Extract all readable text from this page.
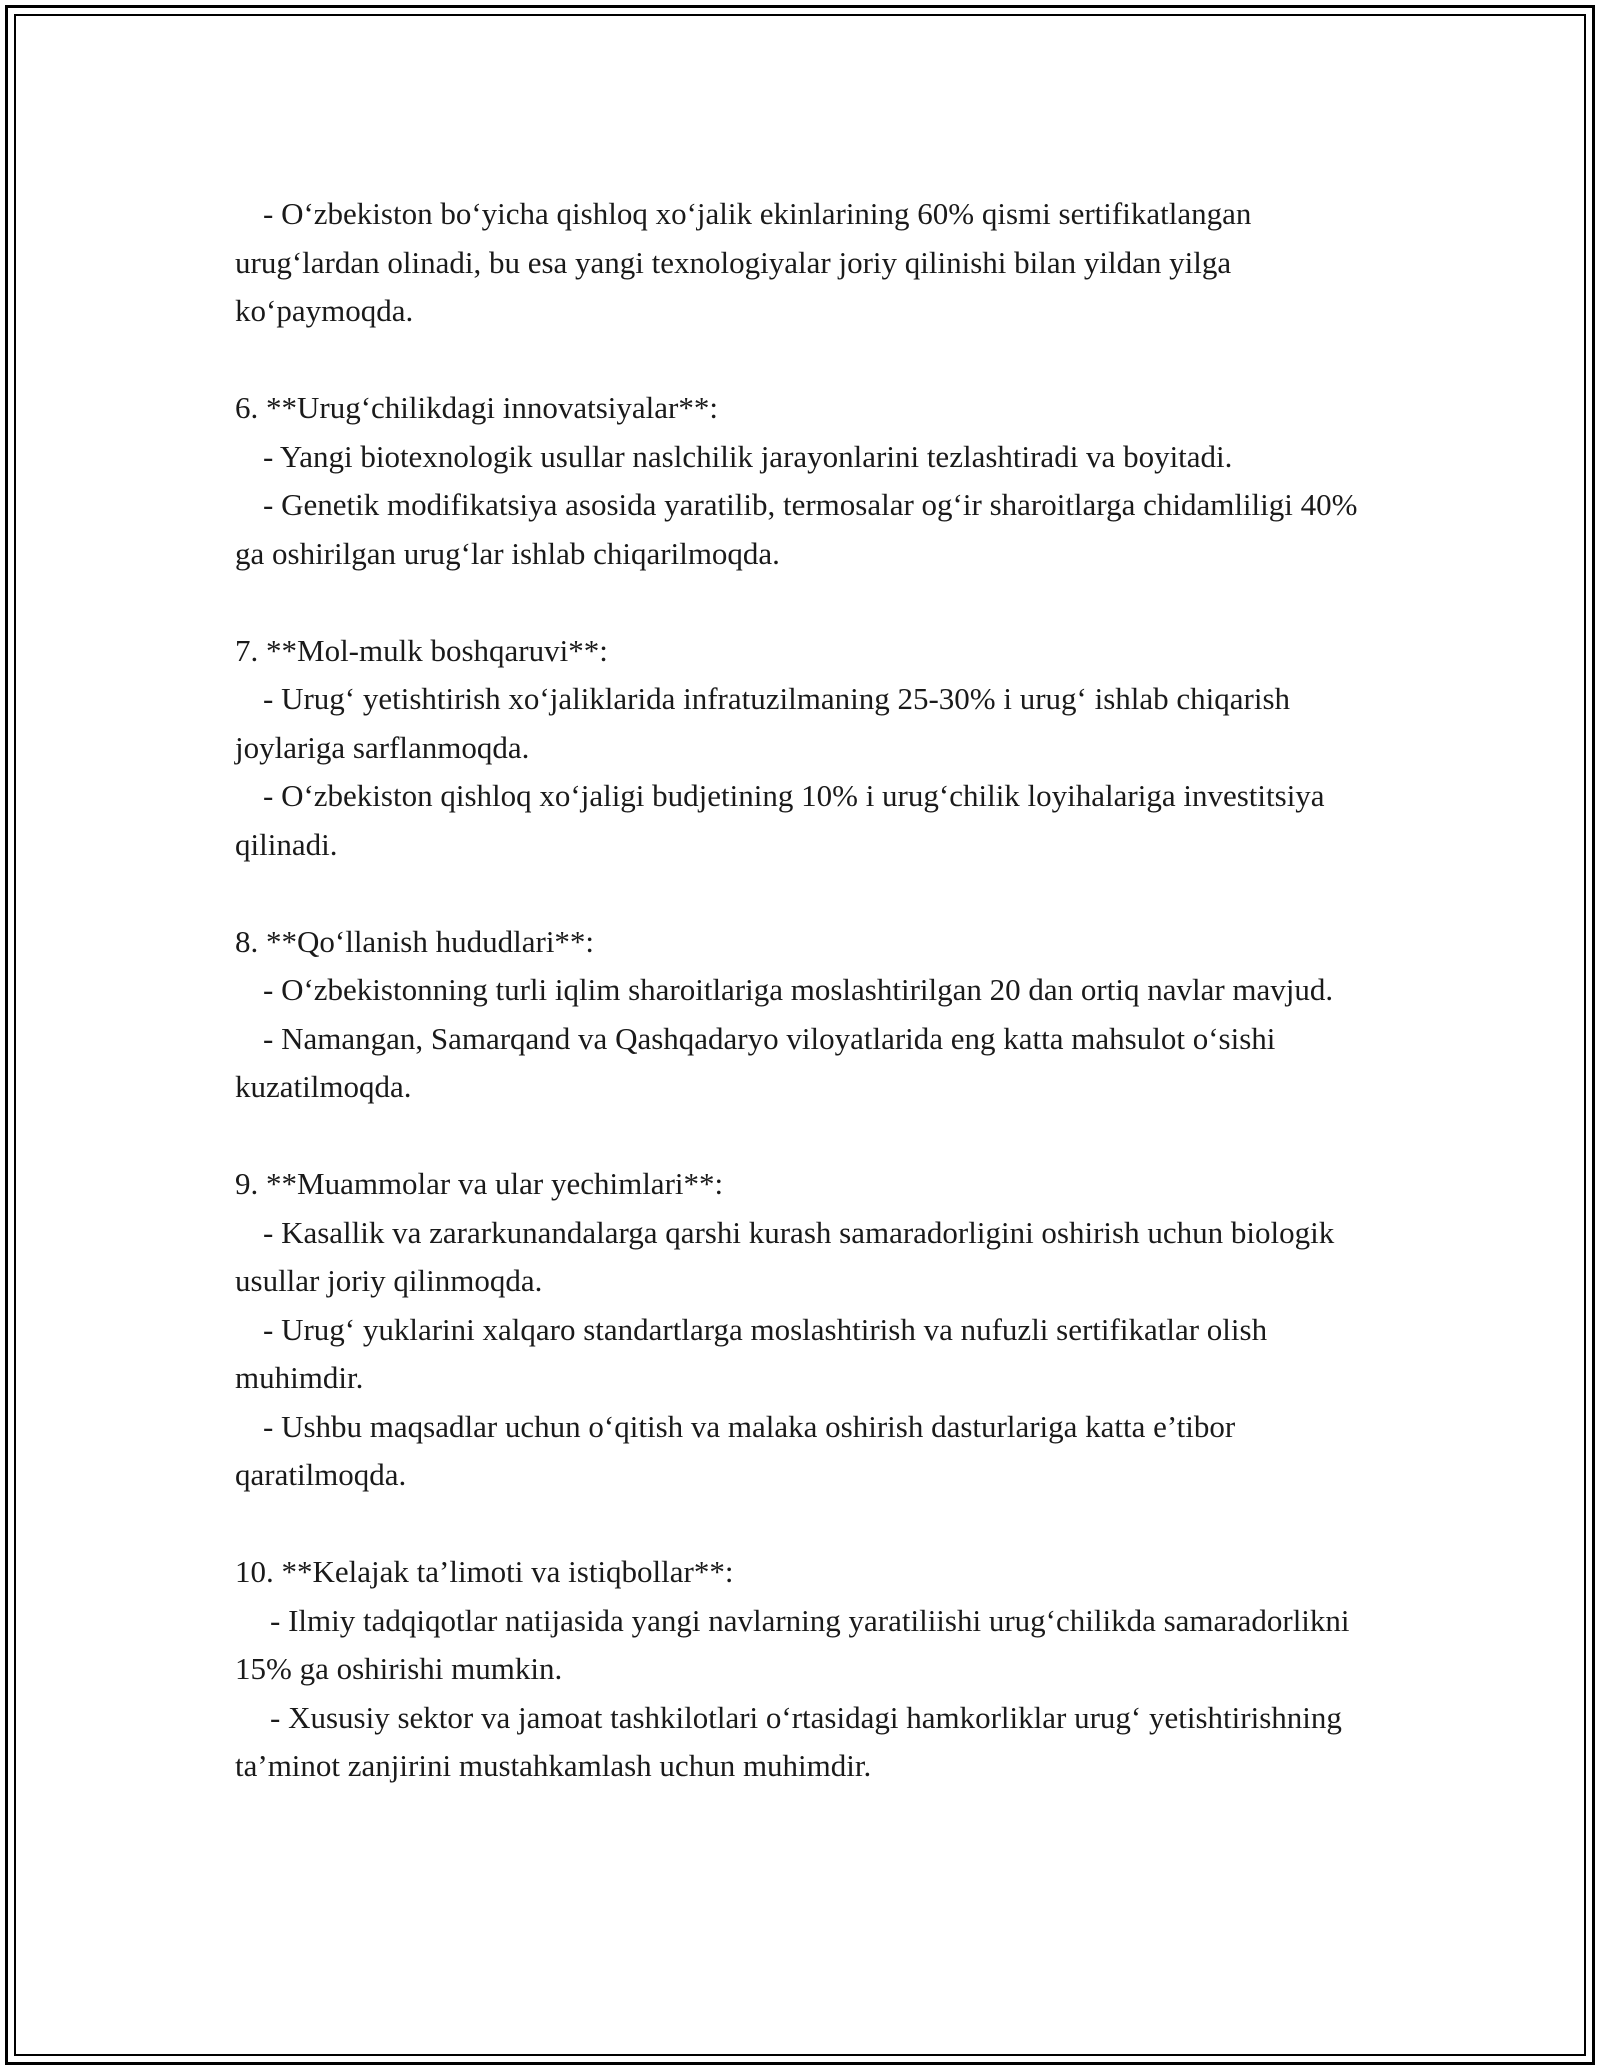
- O‘zbekiston bo‘yicha qishloq xo‘jalik ekinlarining 60% qismi sertifikatlangan urug‘lardan olinadi, bu esa yangi texnologiyalar joriy qilinishi bilan yildan yilga ko‘paymoqda.

6. **Urug‘chilikdagi innovatsiyalar**:

- Yangi biotexnologik usullar naslchilik jarayonlarini tezlashtiradi va boyitadi.

- Genetik modifikatsiya asosida yaratilib, termosalar og‘ir sharoitlarga chidamliligi 40% ga oshirilgan urug‘lar ishlab chiqarilmoqda.

7. **Mol-mulk boshqaruvi**:

- Urug‘ yetishtirish xo‘jaliklarida infratuzilmaning 25-30% i urug‘ ishlab chiqarish joylariga sarflanmoqda.

- O‘zbekiston qishloq xo‘jaligi budjetining 10% i urug‘chilik loyihalariga investitsiya qilinadi.

8. **Qo‘llanish hududlari**:

- O‘zbekistonning turli iqlim sharoitlariga moslashtirilgan 20 dan ortiq navlar mavjud.

- Namangan, Samarqand va Qashqadaryo viloyatlarida eng katta mahsulot o‘sishi kuzatilmoqda.

9. **Muammolar va ular yechimlari**:

- Kasallik va zararkunandalarga qarshi kurash samaradorligini oshirish uchun biologik usullar joriy qilinmoqda.

- Urug‘ yuklarini xalqaro standartlarga moslashtirish va nufuzli sertifikatlar olish muhimdir.

- Ushbu maqsadlar uchun o‘qitish va malaka oshirish dasturlariga katta e’tibor qaratilmoqda.

10. **Kelajak ta’limoti va istiqbollar**:

- Ilmiy tadqiqotlar natijasida yangi navlarning yaratiliishi urug‘chilikda samaradorlikni 15% ga oshirishi mumkin.

- Xususiy sektor va jamoat tashkilotlari o‘rtasidagi hamkorliklar urug‘ yetishtirishning ta’minot zanjirini mustahkamlash uchun muhimdir.
